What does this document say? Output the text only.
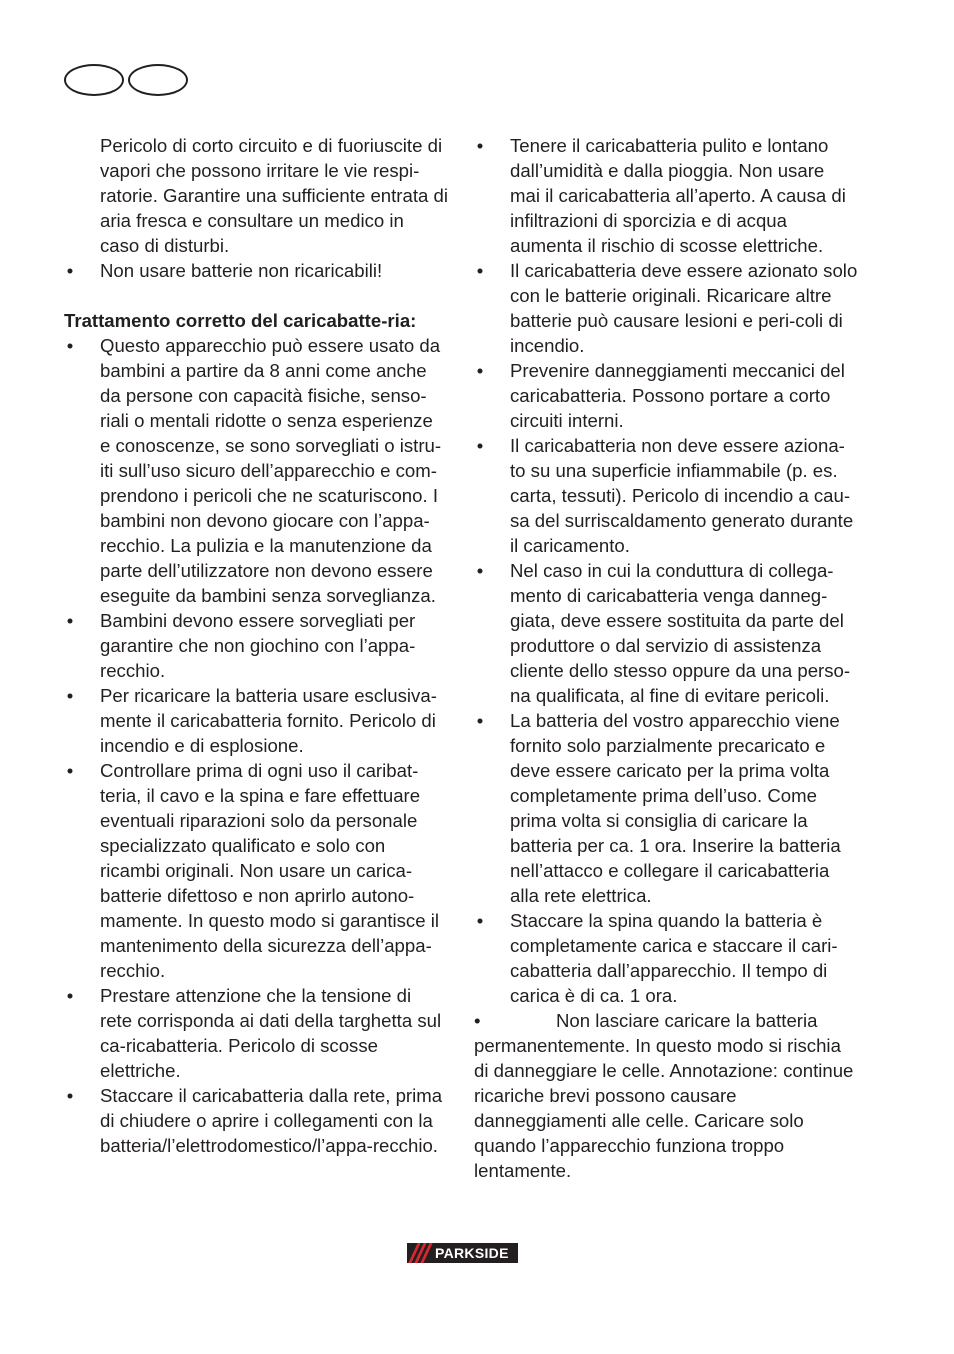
Pericolo di corto circuito e di fuoriuscite di vapori che possono irritare le vie respi-ratorie. Garantire una sufficiente entrata di aria fresca e consultare un medico in caso di disturbi.

• Non usare batterie non ricaricabili!

Trattamento corretto del caricabatte-ria:

• Questo apparecchio può essere usato da bambini a partire da 8 anni come anche da persone con capacità fisiche, senso-riali o mentali ridotte o senza esperienze e conoscenze, se sono sorvegliati o istru-iti sull’uso sicuro dell’apparecchio e com-prendono i pericoli che ne scaturiscono. I bambini non devono giocare con l’appa-recchio. La pulizia e la manutenzione da parte dell’utilizzatore non devono essere eseguite da bambini senza sorveglianza.
• Bambini devono essere sorvegliati per garantire che non giochino con l’appa-recchio.
• Per ricaricare la batteria usare esclusiva-mente il caricabatteria fornito. Pericolo di incendio e di esplosione.
• Controllare prima di ogni uso il caribat-teria, il cavo e la spina e fare effettuare eventuali riparazioni solo da personale specializzato qualificato e solo con ricambi originali. Non usare un carica-batterie difettoso e non aprirlo autono-mamente. In questo modo si garantisce il mantenimento della sicurezza dell’appa-recchio.
• Prestare attenzione che la tensione di rete corrisponda ai dati della targhetta sul ca-ricabatteria. Pericolo di scosse elettriche.
• Staccare il caricabatteria dalla rete, prima di chiudere o aprire i collegamenti con la batteria/l’elettrodomestico/l’appa-recchio.
• Tenere il caricabatteria pulito e lontano dall’umidità e dalla pioggia. Non usare mai il caricabatteria all’aperto. A causa di infiltrazioni di sporcizia e di acqua aumenta il rischio di scosse elettriche.
• Il caricabatteria deve essere azionato solo con le batterie originali. Ricaricare altre batterie può causare lesioni e peri-coli di incendio.
• Prevenire danneggiamenti meccanici del caricabatteria. Possono portare a corto circuiti interni.
• Il caricabatteria non deve essere aziona-to su una superficie infiammabile (p. es. carta, tessuti). Pericolo di incendio a cau-sa del surriscaldamento generato durante il caricamento.
• Nel caso in cui la conduttura di collega-mento di caricabatteria venga danneg-giata, deve essere sostituita da parte del produttore o dal servizio di assistenza cliente dello stesso oppure da una perso-na qualificata, al fine di evitare pericoli.
• La batteria del vostro apparecchio viene fornito solo parzialmente precaricato e deve essere caricato per la prima volta completamente prima dell’uso. Come prima volta si consiglia di caricare la batteria per ca. 1 ora. Inserire la batteria nell’attacco e collegare il caricabatteria alla rete elettrica.
• Staccare la spina quando la batteria è completamente carica e staccare il cari-cabatteria dall’apparecchio. Il tempo di carica è di ca. 1 ora.

•	Non lasciare caricare la batteria permanentemente. In questo modo si rischia di danneggiare le celle. Annotazione: continue ricariche brevi possono causare danneggiamenti alle celle. Caricare solo quando l’apparecchio funziona troppo lentamente.

PARKSIDE
